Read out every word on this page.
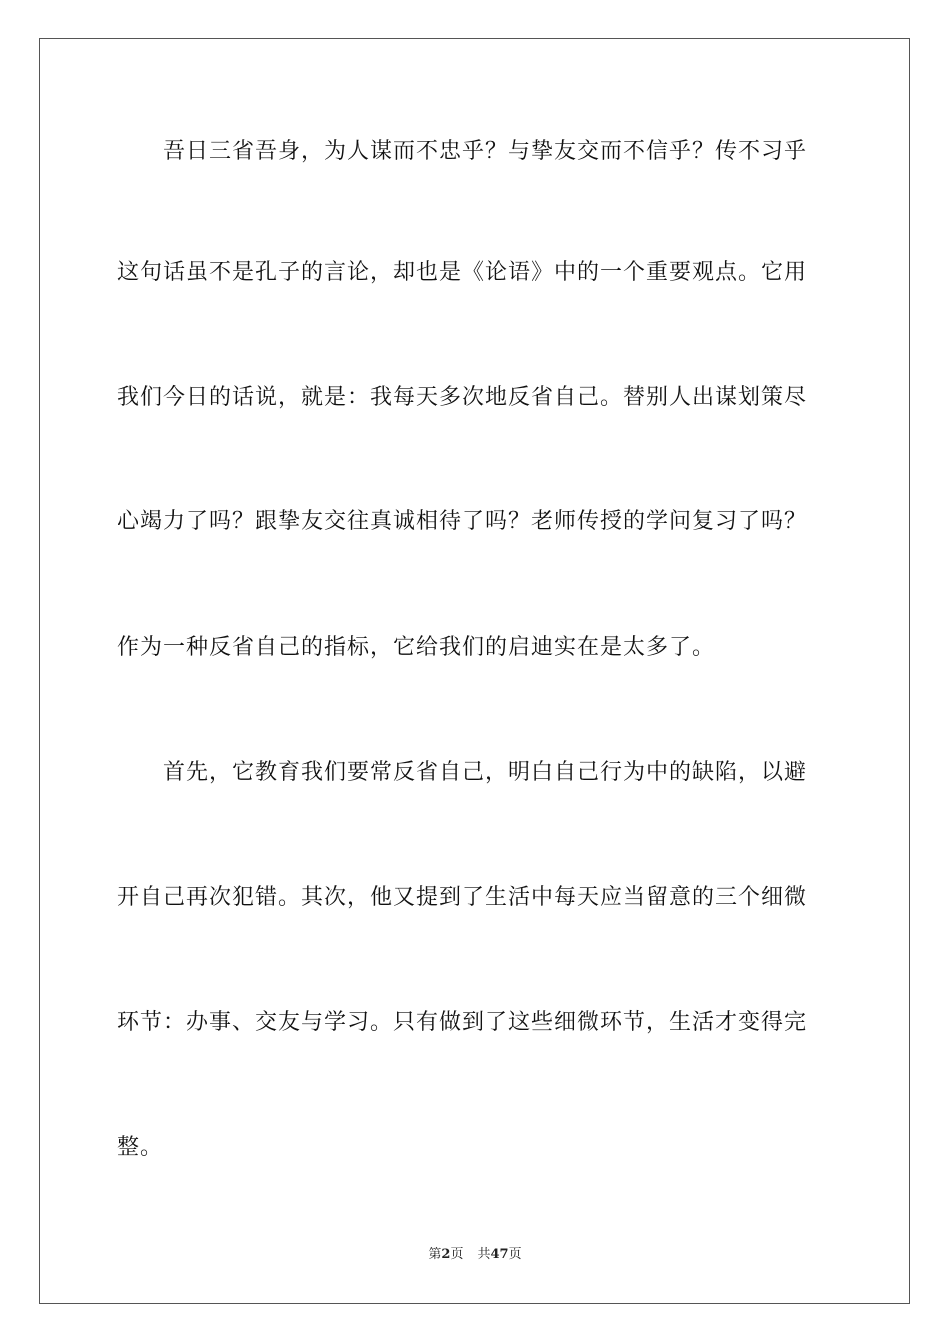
吾日三省吾身，为人谋而不忠乎？与挚友交而不信乎？传不习乎
这句话虽不是孔子的言论，却也是《论语》中的一个重要观点。它用
我们今日的话说，就是：我每天多次地反省自己。替别人出谋划策尽
心竭力了吗？跟挚友交往真诚相待了吗？老师传授的学问复习了吗？
作为一种反省自己的指标，它给我们的启迪实在是太多了。
首先，它教育我们要常反省自己，明白自己行为中的缺陷，以避
开自己再次犯错。其次，他又提到了生活中每天应当留意的三个细微
环节：办事、交友与学习。只有做到了这些细微环节，生活才变得完
整。
第2页 共47页
